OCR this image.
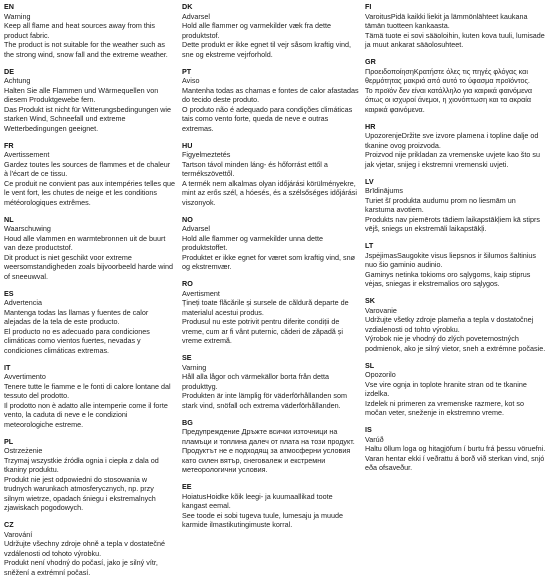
EN
Warning
Keep all flame and heat sources away from this product fabric.
The product is not suitable for the weather such as the strong wind, snow fall and the extreme weather.
DE
Achtung
Halten Sie alle Flammen und Wärmequellen von diesem Produktgewebe fern.
Das Produkt ist nicht für Witterungsbedingungen wie starken Wind, Schneefall und extreme Wetterbedingungen geeignet.
FR
Avertissement
Gardez toutes les sources de flammes et de chaleur à l'écart de ce tissu.
Ce produit ne convient pas aux intempéries telles que le vent fort, les chutes de neige et les conditions météorologiques extrêmes.
NL
Waarschuwing
Houd alle vlammen en warmtebronnen uit de buurt van deze productstof.
Dit product is niet geschikt voor extreme weersomstandigheden zoals bijvoorbeeld harde wind of sneeuwval.
ES
Advertencia
Mantenga todas las llamas y fuentes de calor alejadas de la tela de este producto.
El producto no es adecuado para condiciones climáticas como vientos fuertes, nevadas y condiciones climáticas extremas.
IT
Avvertimento
Tenere tutte le fiamme e le fonti di calore lontane dal tessuto del prodotto.
Il prodotto non è adatto alle intemperie come il forte vento, la caduta di neve e le condizioni meteorologiche estreme.
PL
Ostrzeżenie
Trzymaj wszystkie źródła ognia i ciepła z dala od tkaniny produktu.
Produkt nie jest odpowiedni do stosowania w trudnych warunkach atmosferycznych, np. przy silnym wietrze, opadach śniegu i ekstremalnych zjawiskach pogodowych.
CZ
Varování
Udržujte všechny zdroje ohně a tepla v dostatečné vzdálenosti od tohoto výrobku.
Produkt není vhodný do počasí, jako je silný vítr, sněžení a extrémní počasí.
DK
Advarsel
Hold alle flammer og varmekilder væk fra dette produktstof.
Dette produkt er ikke egnet til vejr såsom kraftig vind, sne og ekstreme vejrforhold.
PT
Aviso
Mantenha todas as chamas e fontes de calor afastadas do tecido deste produto.
O produto não é adequado para condições climáticas tais como vento forte, queda de neve e outras extremas.
HU
Figyelmeztetés
Tartson távol minden láng- és hőforrást ettől a termékszövettől.
A termék nem alkalmas olyan időjárási körülményekre, mint az erős szél, a hóesés, és a szélsőséges időjárási viszonyok.
NO
Advarsel
Hold alle flammer og varmekilder unna dette produktstoffet.
Produktet er ikke egnet for været som kraftig vind, snø og ekstremvær.
RO
Avertisment
Țineți toate flăcările și sursele de căldură departe de materialul acestui produs.
Produsul nu este potrivit pentru diferite condiții de vreme, cum ar fi vânt puternic, căderi de zăpadă și vreme extremă.
SE
Varning
Håll alla lågor och värmekällor borta från detta produkttyg.
Produkten är inte lämplig för väderförhållanden som stark vind, snöfall och extrema väderförhållanden.
BG
Предупреждение Дръжте всички източници на пламъци и топлина далеч от плата на този продукт.
Продуктът не е подходящ за атмосферни условия като силен вятър, снеговалеж и екстремни метеорологични условия.
EE
HoiatusHoidke kõik leegi- ja kuumaallikad toote kangast eemal.
See toode ei sobi tugeva tuule, lumesaju ja muude karmide ilmastikutingimuste korral.
FI
VaroitusPidä kaikki liekit ja lämmönlähteet kaukana tämän tuotteen kankaasta.
Tämä tuote ei sovi sääoloihin, kuten kova tuuli, lumisade ja muut ankarat sääolosuhteet.
GR
ΠροειδοποίησηΚρατήστε όλες τις πηγές φλόγας και θερμότητας μακριά από αυτό το ύφασμα προϊόντος.
Το προϊόν δεν είναι κατάλληλο για καιρικά φαινόμενα όπως οι ισχυροί άνεμοι, η χιονόπτωση και τα ακραία καιρικά φαινόμενα.
HR
UpozorenjeDržite sve izvore plamena i topline dalje od tkanine ovog proizvoda.
Proizvod nije prikladan za vremenske uvjete kao što su jak vjetar, snijeg i ekstremni vremenski uvjeti.
LV
Brīdinājums
Turiet šī produkta audumu prom no liesmām un karstuma avotiem.
Produkts nav piemērots tādiem laikapstākļiem kā stiprs vējš, sniegs un ekstremāli laikapstākļi.
LT
JspėjimasSaugokite visus liepsnos ir šilumos šaltinius nuo šio gaminio audinio.
Gaminys netinka tokioms oro sąlygoms, kaip stiprus vėjas, sniegas ir ekstremalios oro sąlygos.
SK
Varovanie
Udržujte všetky zdroje plameňa a tepla v dostatočnej vzdialenosti od tohto výrobku.
Výrobok nie je vhodný do zlých poveternostných podmienok, ako je silný vietor, sneh a extrémne počasie.
SL
Opozorilo
Vse vire ognja in toplote hranite stran od te tkanine izdelka.
Izdelek ni primeren za vremenske razmere, kot so močan veter, sneženje in ekstremno vreme.
IS
Varúð
Haltu öllum loga og hitagjöfum í burtu frá þessu vöruefni.
Varan hentar ekki í veðrattu á borð við sterkan vind, snjó eða ofsaveður.
